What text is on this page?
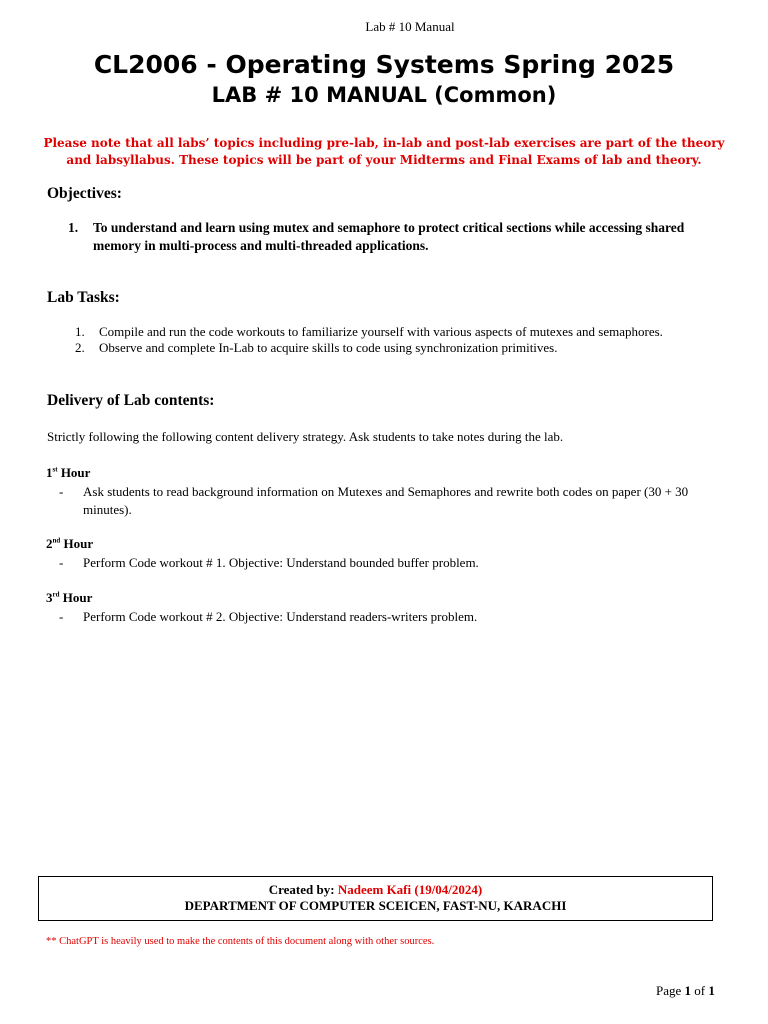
Lab # 10 Manual
CL2006 - Operating Systems Spring 2025
LAB # 10 MANUAL (Common)
Please note that all labs’ topics including pre-lab, in-lab and post-lab exercises are part of the theory and labsyllabus. These topics will be part of your Midterms and Final Exams of lab and theory.
Objectives:
1.	To understand and learn using mutex and semaphore to protect critical sections while accessing shared memory in multi-process and multi-threaded applications.
Lab Tasks:
1.	Compile and run the code workouts to familiarize yourself with various aspects of mutexes and semaphores.
2.	Observe and complete In-Lab to acquire skills to code using synchronization primitives.
Delivery of Lab contents:
Strictly following the following content delivery strategy. Ask students to take notes during the lab.
1st Hour
-	Ask students to read background information on Mutexes and Semaphores and rewrite both codes on paper (30 + 30 minutes).
2nd Hour
-	Perform Code workout # 1. Objective: Understand bounded buffer problem.
3rd Hour
-	Perform Code workout # 2. Objective: Understand readers-writers problem.
Created by: Nadeem Kafi (19/04/2024)
DEPARTMENT OF COMPUTER SCEICEN, FAST-NU, KARACHI
** ChatGPT is heavily used to make the contents of this document along with other sources.
Page 1 of 1
